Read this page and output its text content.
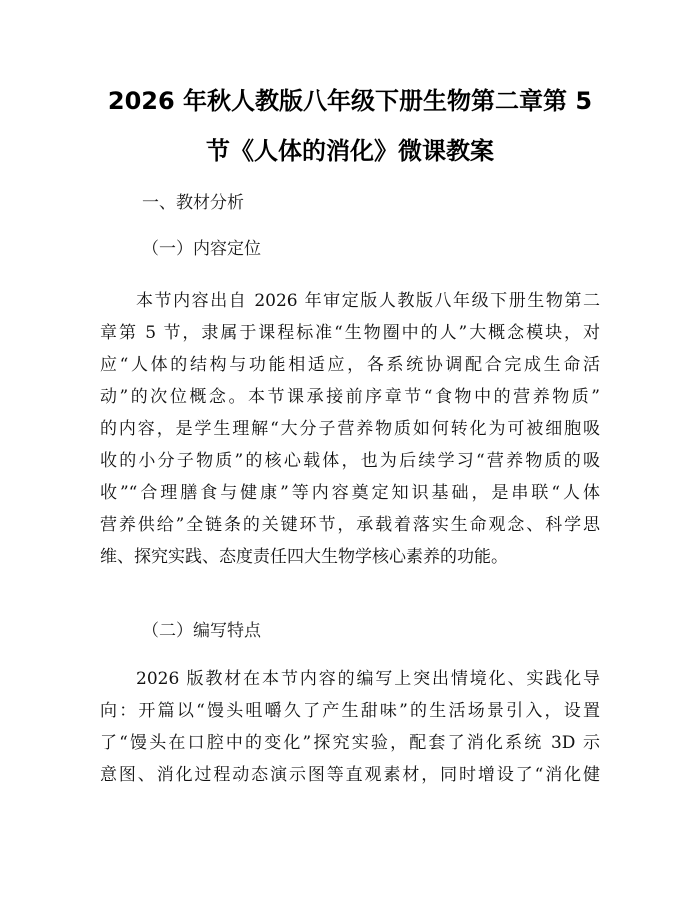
2026 年秋人教版八年级下册生物第二章第 5
节《人体的消化》微课教案
一、教材分析
（一）内容定位
本节内容出自 2026 年审定版人教版八年级下册生物第二
章第 5 节，隶属于课程标准“生物圈中的人”大概念模块，对
应“人体的结构与功能相适应，各系统协调配合完成生命活
动”的次位概念。本节课承接前序章节“食物中的营养物质”
的内容，是学生理解“大分子营养物质如何转化为可被细胞吸
收的小分子物质”的核心载体，也为后续学习“营养物质的吸
收”“合理膳食与健康”等内容奠定知识基础，是串联“人体
营养供给”全链条的关键环节，承载着落实生命观念、科学思
维、探究实践、态度责任四大生物学核心素养的功能。
（二）编写特点
2026 版教材在本节内容的编写上突出情境化、实践化导
向：开篇以“馒头咀嚼久了产生甜味”的生活场景引入，设置
了“馒头在口腔中的变化”探究实验，配套了消化系统 3D 示
意图、消化过程动态演示图等直观素材，同时增设了“消化健
